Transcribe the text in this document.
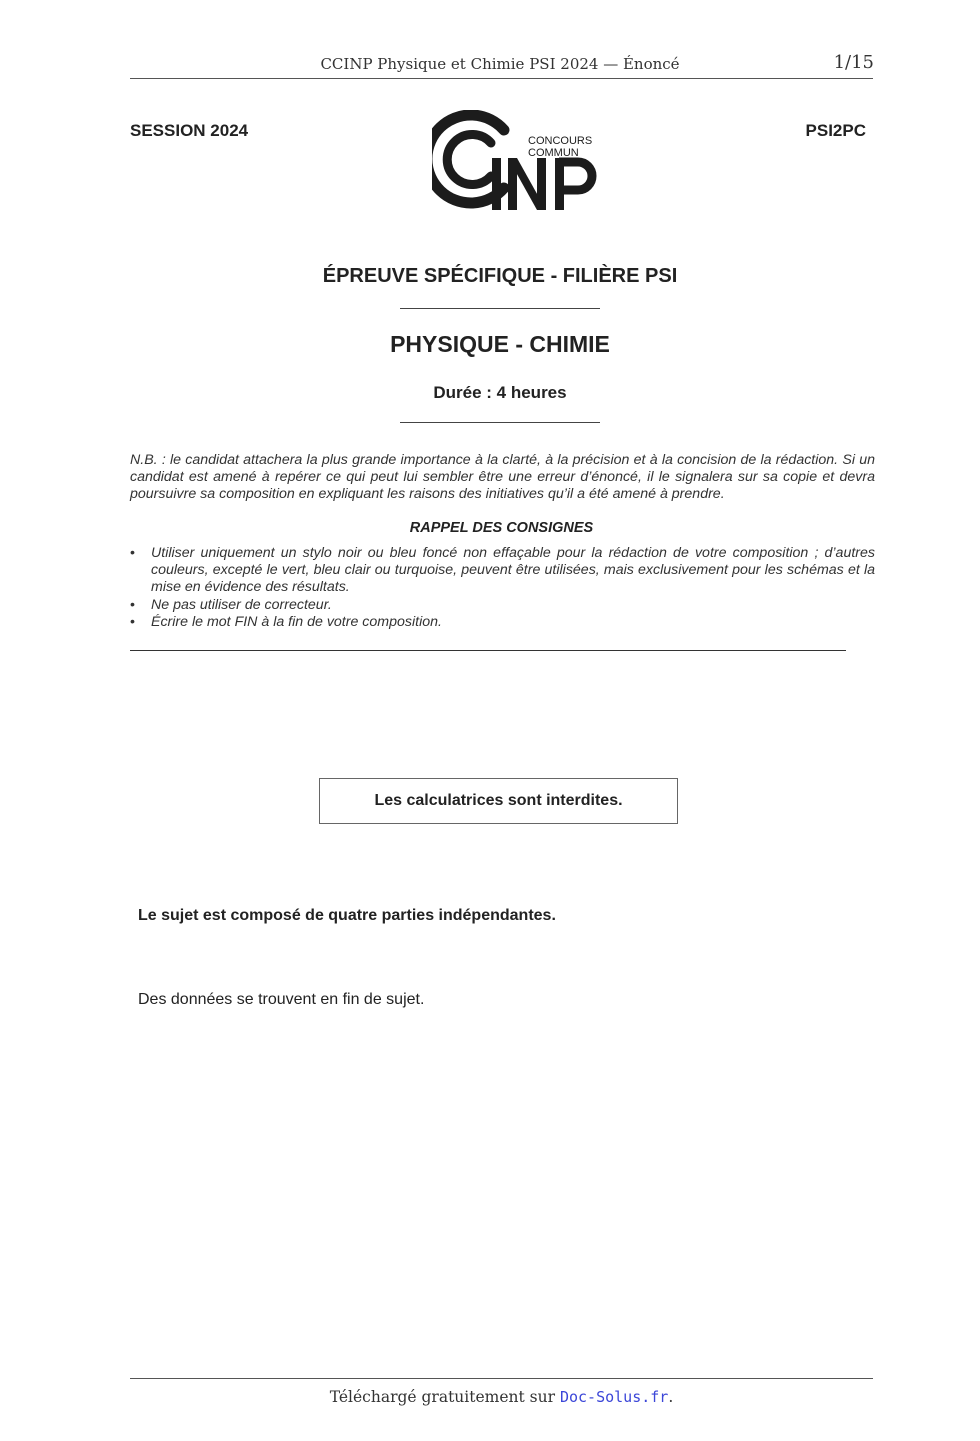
CCINP Physique et Chimie PSI 2024 — Énoncé	1/15
SESSION 2024	PSI2PC
CONCOURS
COMMUN
ÉPREUVE SPÉCIFIQUE - FILIÈRE PSI
PHYSIQUE - CHIMIE
Durée : 4 heures
N.B. : le candidat attachera la plus grande importance à la clarté, à la précision et à la concision de la rédaction. Si un candidat est amené à repérer ce qui peut lui sembler être une erreur d’énoncé, il le signalera sur sa copie et devra poursuivre sa composition en expliquant les raisons des initiatives qu’il a été amené à prendre.
RAPPEL DES CONSIGNES
• Utiliser uniquement un stylo noir ou bleu foncé non effaçable pour la rédaction de votre composition ; d’autres couleurs, excepté le vert, bleu clair ou turquoise, peuvent être utilisées, mais exclusivement pour les schémas et la mise en évidence des résultats.
• Ne pas utiliser de correcteur.
• Écrire le mot FIN à la fin de votre composition.
Les calculatrices sont interdites.
Le sujet est composé de quatre parties indépendantes.
Des données se trouvent en fin de sujet.
Téléchargé gratuitement sur Doc-Solus.fr.
